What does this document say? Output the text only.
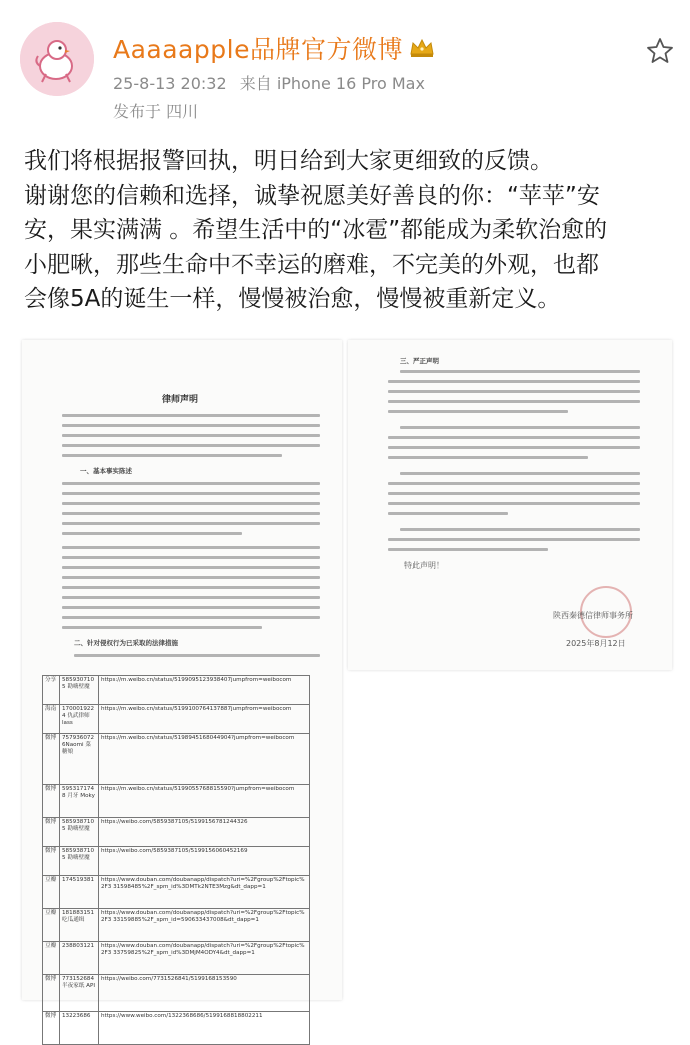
Aaaaapple品牌官方微博
25-8-13 20:32 来自 iPhone 16 Pro Max
发布于 四川

我们将根据报警回执，明日给到大家更细致的反馈。

谢谢您的信赖和选择，诚挚祝愿美好善良的你：“苹苹”安

安，果实满满 。希望生活中的“冰雹”都能成为柔软治愈的

小肥啾，那些生命中不幸运的磨难，不完美的外观，也都

会像5A的诞生一样，慢慢被治愈，慢慢被重新定义。

律师声明
一、基本事实陈述
二、针对侵权行为已采取的法律措施
分享	585930710 5 勘嗨壁魔	https://m.weibo.cn/status/5199095123938407jumpfrom=weibocom
海南	170001922 4 仇武律师lass	https://m.weibo.cn/status/5199100764137887jumpfrom=weibocom
微博	757936072 6Naomi 菜糖娘	https://m.weibo.cn/status/5198945168044904?jumpfrom=weibocom
微博	595317174 8 月牙 Moky	https://m.weibo.cn/status/5199055768815590?jumpfrom=weibocom
微博	585938710 5 勘嗨壁魔	https://weibo.com/5859387105/5199156781244326
微博	585938710 5 勘嗨壁魔	https://weibo.com/5859387105/5199156060452169
豆瓣	174519381	https://www.douban.com/doubanapp/dispatch?uri=%2Fgroup%2Ftopic%2F3 31598485%2F_spm_id%3DMTk2NTE3Mzg&dt_dapp=1
豆瓣	181883151 吃瓜通缉	https://www.douban.com/doubanapp/dispatch?uri=%2Fgroup%2Ftopic%2F3 33159885%2F_spm_id=590633437008&dt_dapp=1
豆瓣	238803121	https://www.douban.com/doubanapp/dispatch?uri=%2Fgroup%2Ftopic%2F3 33759825%2F_spm_id%3DMjM4ODY4&dt_dapp=1
微博	773152684 半夜家纸 API	https://weibo.com/7731526841/5199168153590
微博	13223686	https://www.weibo.com/1322368686/5199168818802211
三、严正声明
特此声明！
陕西秦德信律师事务所
2025年8月12日
